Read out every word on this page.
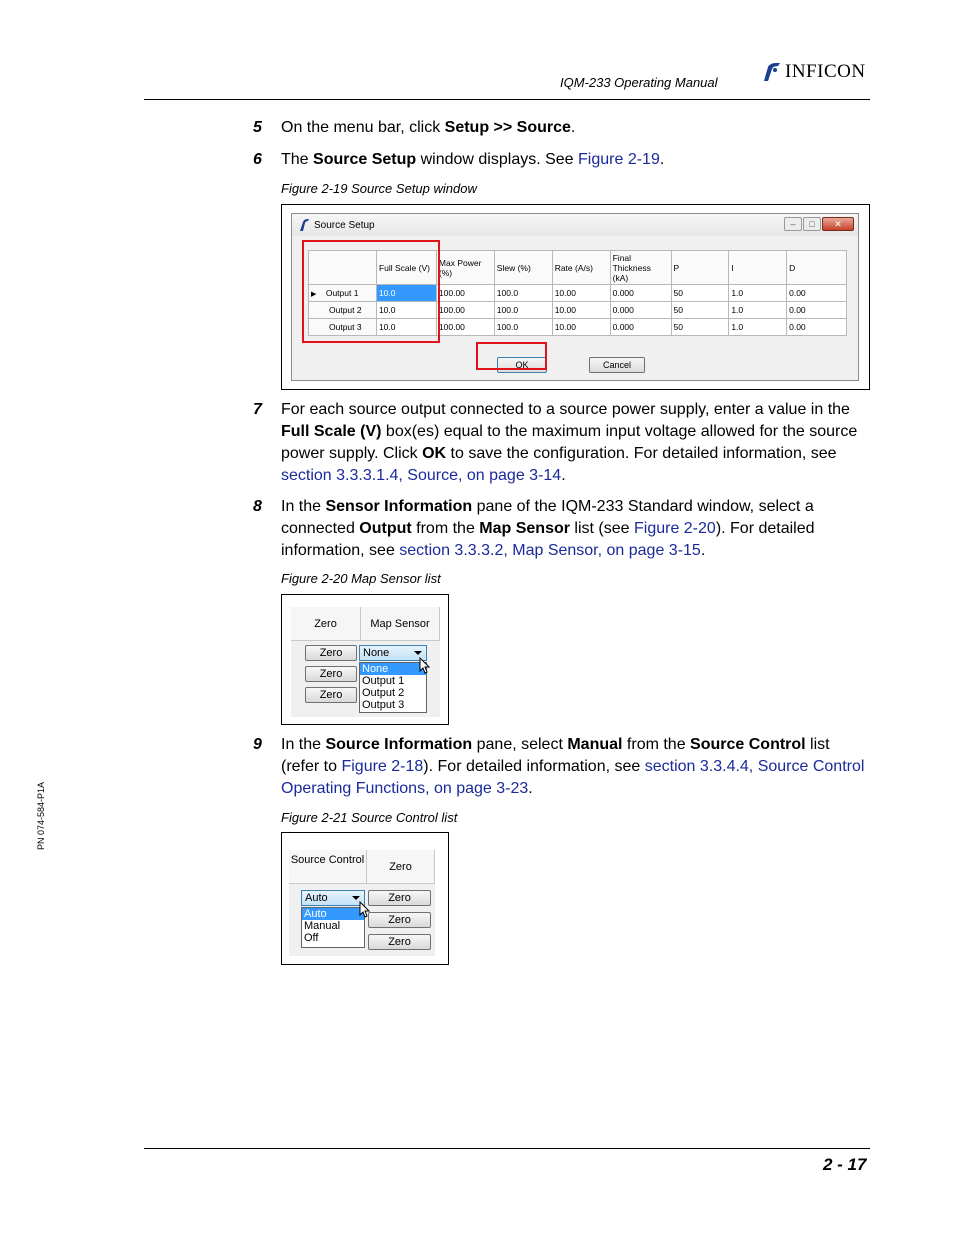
IQM-233 Operating Manual
INFICON
5 On the menu bar, click Setup >> Source.
6 The Source Setup window displays. See Figure 2-19.
Figure 2-19 Source Setup window
Source Setup	–	□	✕
	Full Scale (V)	Max Power (%)	Slew (%)	Rate (A/s)	Final Thickness (kA)	P	I	D
▶ Output 1	10.0	100.00	100.0	10.00	0.000	50	1.0	0.00
Output 2	10.0	100.00	100.0	10.00	0.000	50	1.0	0.00
Output 3	10.0	100.00	100.0	10.00	0.000	50	1.0	0.00
OK	Cancel
7 For each source output connected to a source power supply, enter a value in the Full Scale (V) box(es) equal to the maximum input voltage allowed for the source power supply. Click OK to save the configuration. For detailed information, see section 3.3.3.1.4, Source, on page 3-14.
8 In the Sensor Information pane of the IQM-233 Standard window, select a connected Output from the Map Sensor list (see Figure 2-20). For detailed information, see section 3.3.3.2, Map Sensor, on page 3-15.
Figure 2-20 Map Sensor list
Zero	Map Sensor
Zero
Zero
Zero
None
None
Output 1
Output 2
Output 3
9 In the Source Information pane, select Manual from the Source Control list (refer to Figure 2-18). For detailed information, see section 3.3.4.4, Source Control Operating Functions, on page 3-23.
Figure 2-21 Source Control list
Source Control
Zero
Auto
Auto
Manual
Off
Zero
Zero
Zero
PN 074-584-P1A
2 - 17
